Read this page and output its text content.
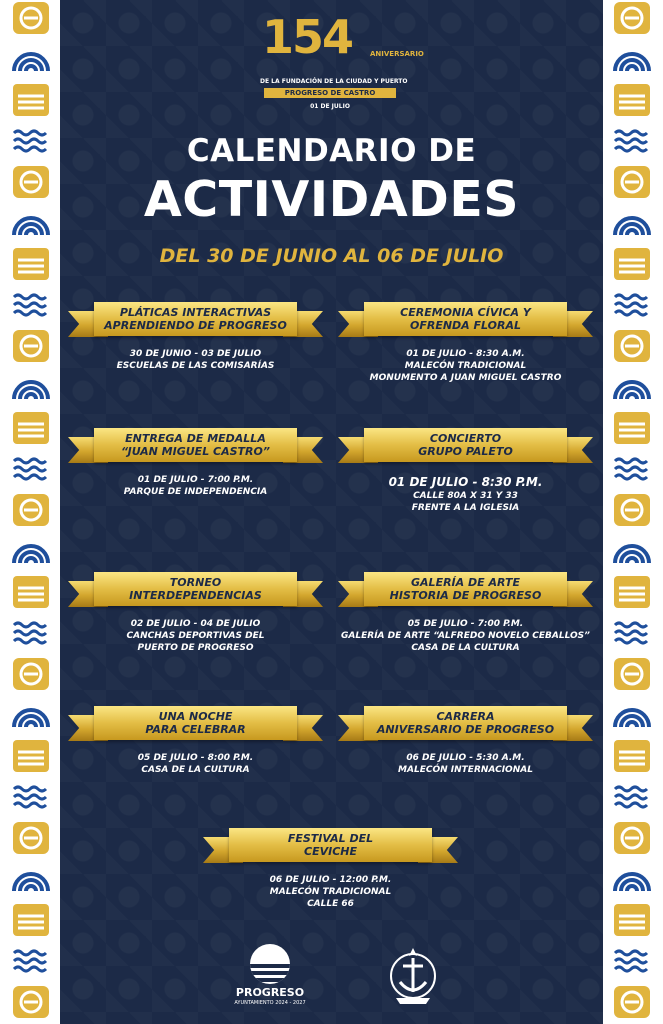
154	ANIVERSARIO
DE LA FUNDACIÓN DE LA CIUDAD Y PUERTO
PROGRESO DE CASTRO
01 DE JULIO
CALENDARIO DE
ACTIVIDADES
DEL 30 DE JUNIO AL 06 DE JULIO
PLÁTICAS INTERACTIVAS
APRENDIENDO DE PROGRESO
30 DE JUNIO - 03 DE JULIO
ESCUELAS DE LAS COMISARÍAS
CEREMONIA CÍVICA Y
OFRENDA FLORAL
01 DE JULIO - 8:30 A.M.
MALECÓN TRADICIONAL
MONUMENTO A JUAN MIGUEL CASTRO
ENTREGA DE MEDALLA
“JUAN MIGUEL CASTRO”
01 DE JULIO - 7:00 P.M.
PARQUE DE INDEPENDENCIA
CONCIERTO
GRUPO PALETO
01 DE JULIO - 8:30 P.M.
CALLE 80A X 31 Y 33
FRENTE A LA IGLESIA
TORNEO
INTERDEPENDENCIAS
02 DE JULIO - 04 DE JULIO
CANCHAS DEPORTIVAS DEL
PUERTO DE PROGRESO
GALERÍA DE ARTE
HISTORIA DE PROGRESO
05 DE JULIO - 7:00 P.M.
GALERÍA DE ARTE “ALFREDO NOVELO CEBALLOS”
CASA DE LA CULTURA
UNA NOCHE
PARA CELEBRAR
05 DE JULIO - 8:00 P.M.
CASA DE LA CULTURA
CARRERA
ANIVERSARIO DE PROGRESO
06 DE JULIO - 5:30 A.M.
MALECÓN INTERNACIONAL
FESTIVAL DEL
CEVICHE
06 DE JULIO - 12:00 P.M.
MALECÓN TRADICIONAL
CALLE 66
PROGRESO
AYUNTAMIENTO 2024 - 2027
